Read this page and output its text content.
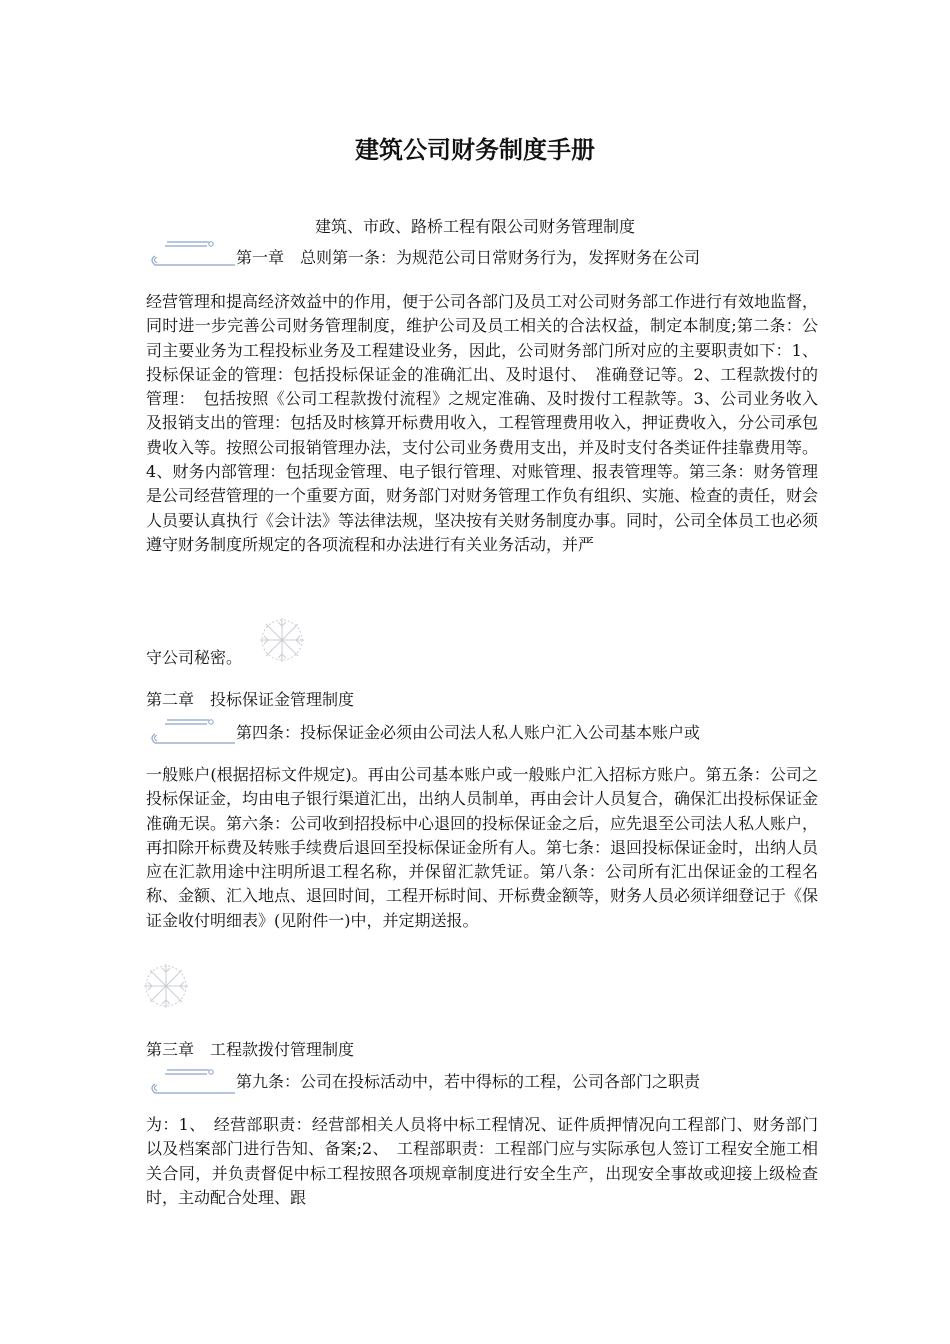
建筑公司财务制度手册

建筑、市政、路桥工程有限公司财务管理制度

第一章　总则第一条：为规范公司日常财务行为，发挥财务在公司

经营管理和提高经济效益中的作用，便于公司各部门及员工对公司财务部工作进行有效地监督，同时进一步完善公司财务管理制度，维护公司及员工相关的合法权益，制定本制度;第二条：公司主要业务为工程投标业务及工程建设业务，因此，公司财务部门所对应的主要职责如下：1、投标保证金的管理：包括投标保证金的准确汇出、及时退付、　准确登记等。2、工程款拨付的管理：　包括按照《公司工程款拨付流程》之规定准确、及时拨付工程款等。3、公司业务收入及报销支出的管理：包括及时核算开标费用收入，工程管理费用收入，押证费收入，分公司承包费收入等。按照公司报销管理办法，支付公司业务费用支出，并及时支付各类证件挂靠费用等。4、财务内部管理：包括现金管理、电子银行管理、对账管理、报表管理等。第三条：财务管理是公司经营管理的一个重要方面，财务部门对财务管理工作负有组织、实施、检查的责任，财会人员要认真执行《会计法》等法律法规，坚决按有关财务制度办事。同时，公司全体员工也必须遵守财务制度所规定的各项流程和办法进行有关业务活动，并严

守公司秘密。

第二章　投标保证金管理制度

第四条：投标保证金必须由公司法人私人账户汇入公司基本账户或

一般账户(根据招标文件规定)。再由公司基本账户或一般账户汇入招标方账户。第五条：公司之投标保证金，均由电子银行渠道汇出，出纳人员制单，再由会计人员复合，确保汇出投标保证金准确无误。第六条：公司收到招投标中心退回的投标保证金之后，应先退至公司法人私人账户，再扣除开标费及转账手续费后退回至投标保证金所有人。第七条：退回投标保证金时，出纳人员应在汇款用途中注明所退工程名称，并保留汇款凭证。第八条：公司所有汇出保证金的工程名称、金额、汇入地点、退回时间，工程开标时间、开标费金额等，财务人员必须详细登记于《保证金收付明细表》(见附件一)中，并定期送报。

第三章　工程款拨付管理制度

第九条：公司在投标活动中，若中得标的工程，公司各部门之职责

为：1、　经营部职责：经营部相关人员将中标工程情况、证件质押情况向工程部门、财务部门以及档案部门进行告知、备案;2、　工程部职责：工程部门应与实际承包人签订工程安全施工相关合同，并负责督促中标工程按照各项规章制度进行安全生产，出现安全事故或迎接上级检查时，主动配合处理、跟
